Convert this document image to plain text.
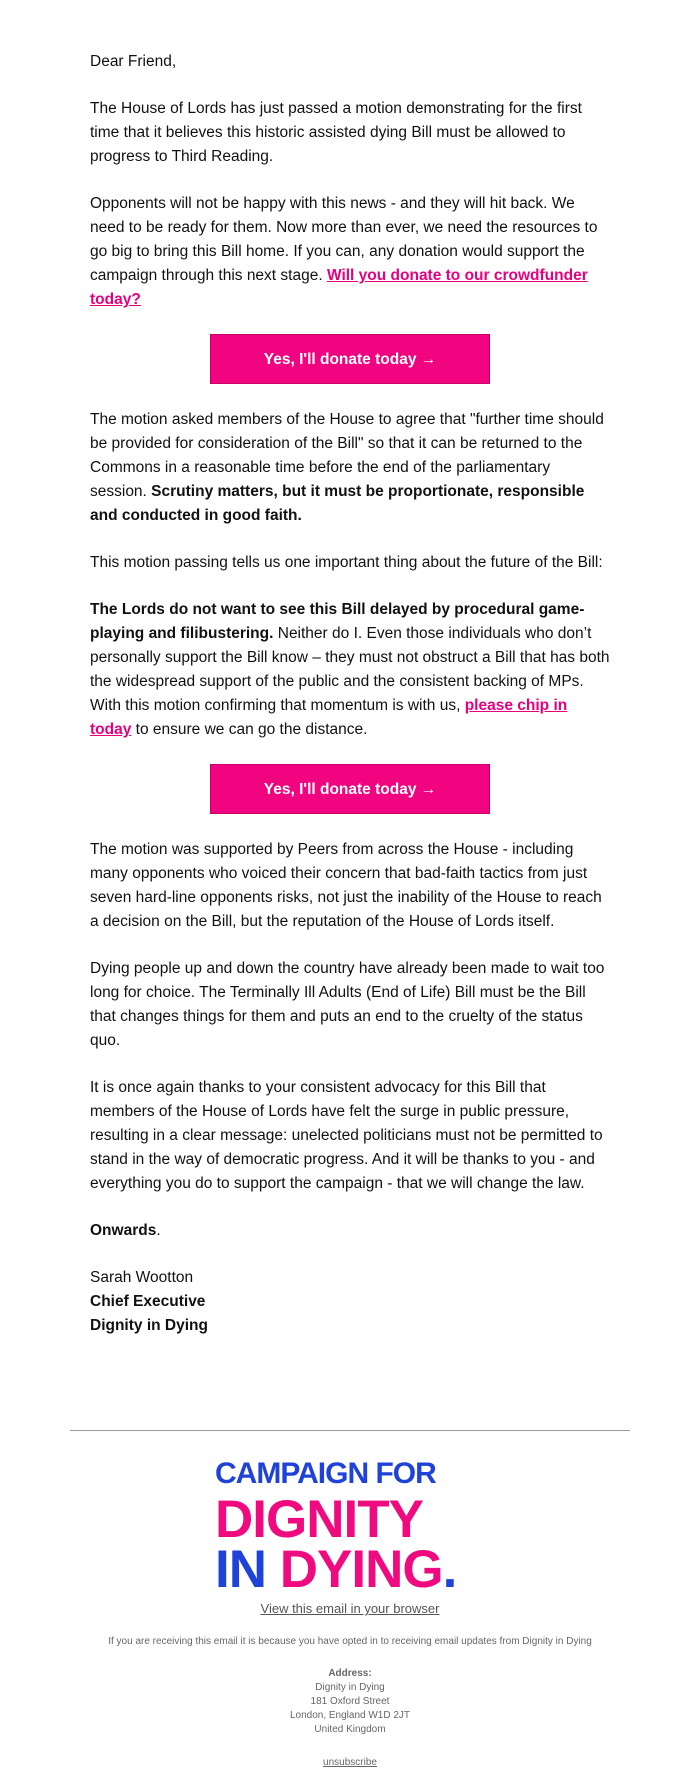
Dear Friend,

The House of Lords has just passed a motion demonstrating for the first time that it believes this historic assisted dying Bill must be allowed to progress to Third Reading.

Opponents will not be happy with this news - and they will hit back. We need to be ready for them. Now more than ever, we need the resources to go big to bring this Bill home. If you can, any donation would support the campaign through this next stage. Will you donate to our crowdfunder today?

Yes, I'll donate today →

The motion asked members of the House to agree that "further time should be provided for consideration of the Bill" so that it can be returned to the Commons in a reasonable time before the end of the parliamentary session. Scrutiny matters, but it must be proportionate, responsible and conducted in good faith.

This motion passing tells us one important thing about the future of the Bill:

The Lords do not want to see this Bill delayed by procedural game-playing and filibustering. Neither do I. Even those individuals who don’t personally support the Bill know – they must not obstruct a Bill that has both the widespread support of the public and the consistent backing of MPs. With this motion confirming that momentum is with us, please chip in today to ensure we can go the distance.

Yes, I'll donate today →

The motion was supported by Peers from across the House - including many opponents who voiced their concern that bad-faith tactics from just seven hard-line opponents risks, not just the inability of the House to reach a decision on the Bill, but the reputation of the House of Lords itself.

Dying people up and down the country have already been made to wait too long for choice. The Terminally Ill Adults (End of Life) Bill must be the Bill that changes things for them and puts an end to the cruelty of the status quo.

It is once again thanks to your consistent advocacy for this Bill that members of the House of Lords have felt the surge in public pressure, resulting in a clear message: unelected politicians must not be permitted to stand in the way of democratic progress. And it will be thanks to you - and everything you do to support the campaign - that we will change the law.

Onwards.

Sarah Wootton

Chief Executive

Dignity in Dying

CAMPAIGN FOR
DIGNITY
IN DYING.
View this email in your browser
If you are receiving this email it is because you have opted in to receiving email updates from Dignity in Dying
Address:
Dignity in Dying
181 Oxford Street
London, England W1D 2JT
United Kingdom
unsubscribe
